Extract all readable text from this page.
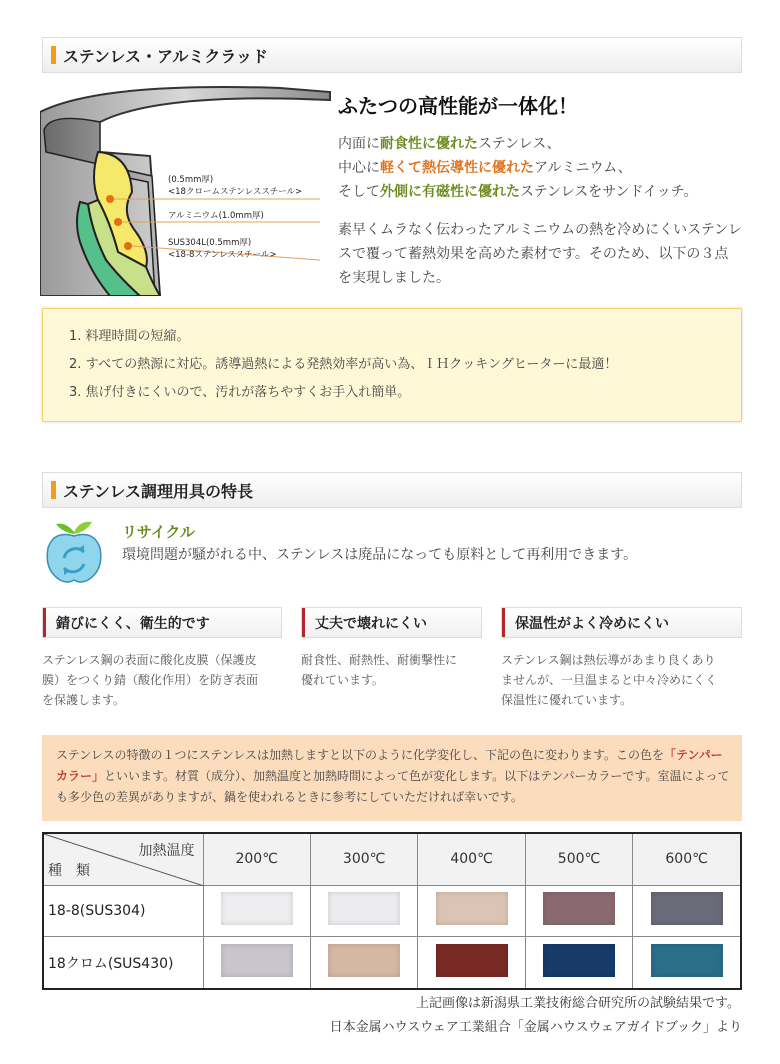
ステンレス・アルミクラッド
(0.5mm厚)
<18クロームステンレススチール>
アルミニウム(1.0mm厚)
SUS304L(0.5mm厚)
<18-8ステンレススチール>
ふたつの高性能が一体化！
内面に耐食性に優れたステンレス、
中心に軽くて熱伝導性に優れたアルミニウム、
そして外側に有磁性に優れたステンレスをサンドイッチ。
素早くムラなく伝わったアルミニウムの熱を冷めにくいステンレスで覆って蓄熱効果を高めた素材です。そのため、以下の３点を実現しました。
1. 料理時間の短縮。
2. すべての熱源に対応。誘導過熱による発熱効率が高い為、ＩＨクッキングヒーターに最適！
3. 焦げ付きにくいので、汚れが落ちやすくお手入れ簡単。
ステンレス調理用具の特長
リサイクル
環境問題が騒がれる中、ステンレスは廃品になっても原料として再利用できます。
錆びにくく、衛生的です
ステンレス鋼の表面に酸化皮膜（保護皮
膜）をつくり錆（酸化作用）を防ぎ表面
を保護します。
丈夫で壊れにくい
耐食性、耐熱性、耐衝撃性に
優れています。
保温性がよく冷めにくい
ステンレス鋼は熱伝導があまり良くあり
ませんが、一旦温まると中々冷めにくく
保温性に優れています。

ステンレスの特徴の１つにステンレスは加熱しますと以下のように化学変化し、下記の色に変わります。この色を「テンパーカラー」といいます。材質（成分）、加熱温度と加熱時間によって色が変化します。以下はテンパーカラーです。室温によっても多少色の差異がありますが、鍋を使われるときに参考にしていただければ幸いです。

加熱温度
種　類	200℃	300℃	400℃	500℃	600℃
18-8(SUS304)					
18クロム(SUS430)					
上記画像は新潟県工業技術総合研究所の試験結果です。
日本金属ハウスウェア工業組合「金属ハウスウェアガイドブック」より
